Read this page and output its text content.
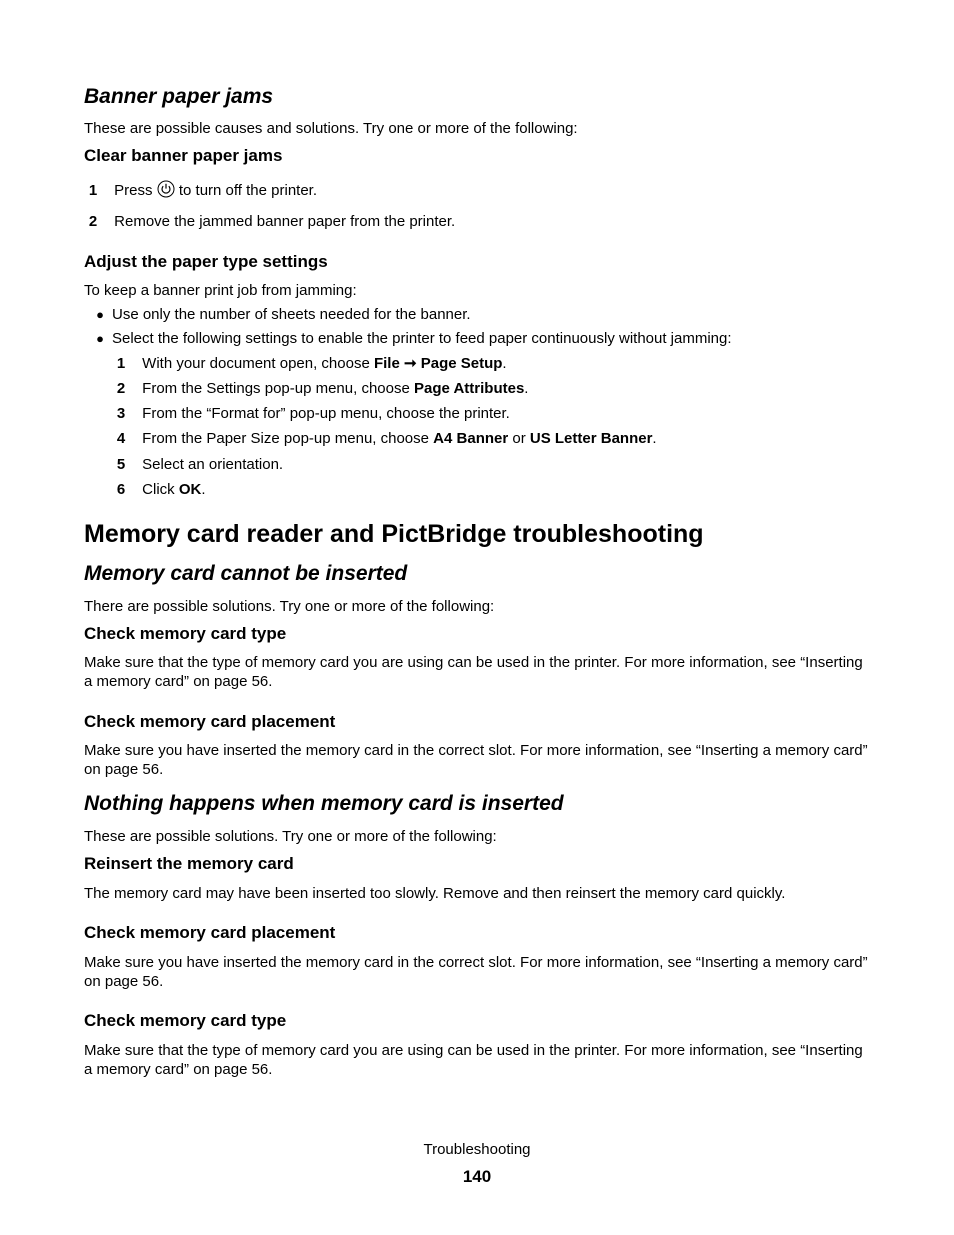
Banner paper jams
These are possible causes and solutions. Try one or more of the following:
Clear banner paper jams
1 Press to turn off the printer.
2 Remove the jammed banner paper from the printer.
Adjust the paper type settings
To keep a banner print job from jamming:
● Use only the number of sheets needed for the banner.
● Select the following settings to enable the printer to feed paper continuously without jamming:
1 With your document open, choose File ➞ Page Setup.
2 From the Settings pop-up menu, choose Page Attributes.
3 From the “Format for” pop-up menu, choose the printer.
4 From the Paper Size pop-up menu, choose A4 Banner or US Letter Banner.
5 Select an orientation.
6 Click OK.
Memory card reader and PictBridge troubleshooting
Memory card cannot be inserted
There are possible solutions. Try one or more of the following:
Check memory card type
Make sure that the type of memory card you are using can be used in the printer. For more information, see “Inserting a memory card” on page 56.
Check memory card placement
Make sure you have inserted the memory card in the correct slot. For more information, see “Inserting a memory card” on page 56.
Nothing happens when memory card is inserted
These are possible solutions. Try one or more of the following:
Reinsert the memory card
The memory card may have been inserted too slowly. Remove and then reinsert the memory card quickly.
Check memory card placement
Make sure you have inserted the memory card in the correct slot. For more information, see “Inserting a memory card” on page 56.
Check memory card type
Make sure that the type of memory card you are using can be used in the printer. For more information, see “Inserting a memory card” on page 56.
Troubleshooting
140
